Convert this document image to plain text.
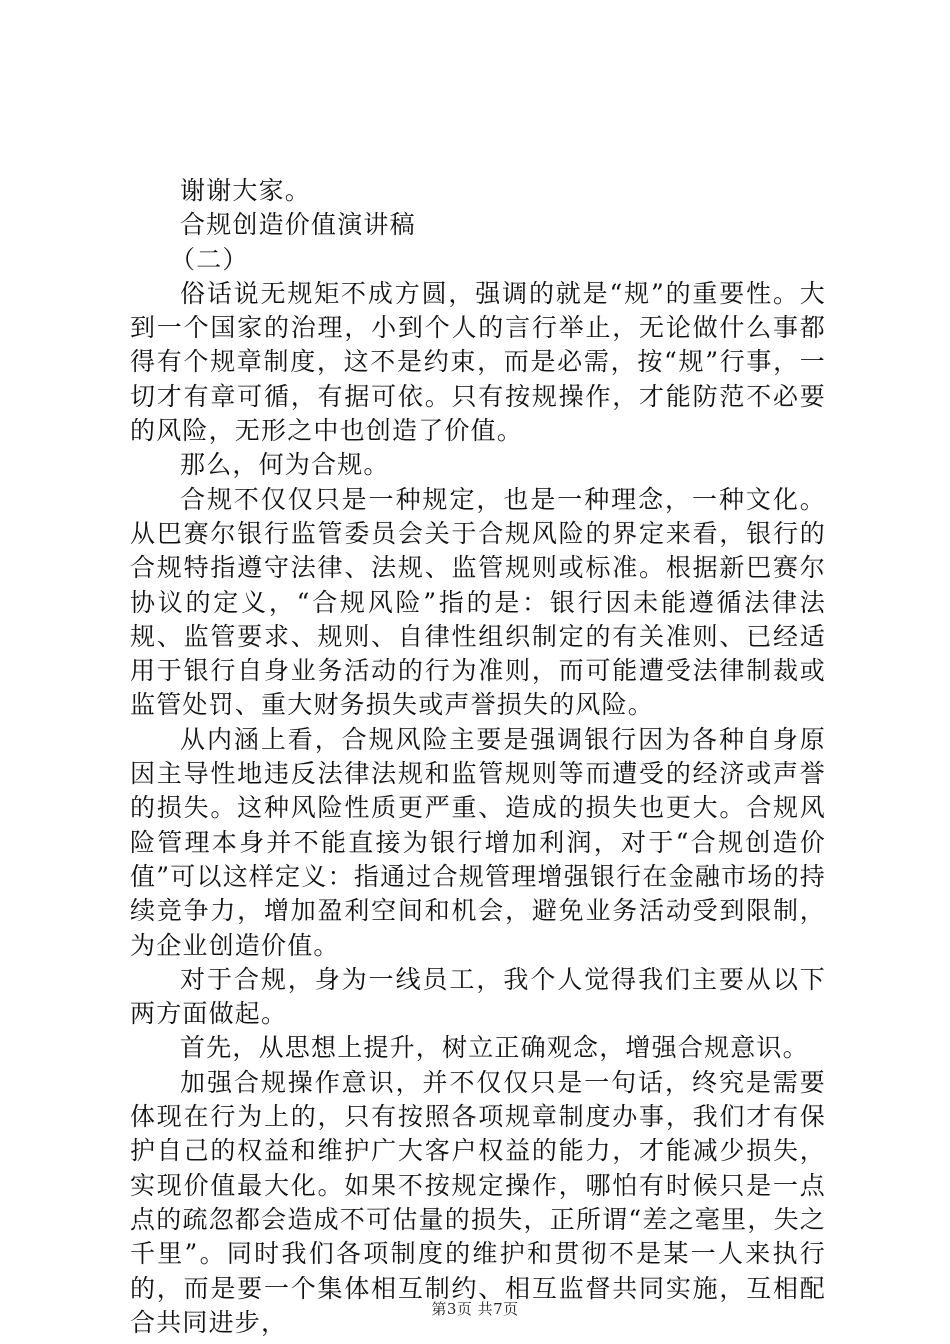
谢谢大家。

合规创造价值演讲稿

（二）

俗话说无规矩不成方圆，强调的就是“规”的重要性。大到一个国家的治理，小到个人的言行举止，无论做什么事都得有个规章制度，这不是约束，而是必需，按“规”行事，一切才有章可循，有据可依。只有按规操作，才能防范不必要的风险，无形之中也创造了价值。

那么，何为合规。

合规不仅仅只是一种规定，也是一种理念，一种文化。从巴赛尔银行监管委员会关于合规风险的界定来看，银行的合规特指遵守法律、法规、监管规则或标准。根据新巴赛尔协议的定义，“合规风险”指的是：银行因未能遵循法律法规、监管要求、规则、自律性组织制定的有关准则、已经适用于银行自身业务活动的行为准则，而可能遭受法律制裁或监管处罚、重大财务损失或声誉损失的风险。

从内涵上看，合规风险主要是强调银行因为各种自身原因主导性地违反法律法规和监管规则等而遭受的经济或声誉的损失。这种风险性质更严重、造成的损失也更大。合规风险管理本身并不能直接为银行增加利润，对于“合规创造价值”可以这样定义：指通过合规管理增强银行在金融市场的持续竞争力，增加盈利空间和机会，避免业务活动受到限制，为企业创造价值。

对于合规，身为一线员工，我个人觉得我们主要从以下两方面做起。

首先，从思想上提升，树立正确观念，增强合规意识。

加强合规操作意识，并不仅仅只是一句话，终究是需要体现在行为上的，只有按照各项规章制度办事，我们才有保护自己的权益和维护广大客户权益的能力，才能减少损失，实现价值最大化。如果不按规定操作，哪怕有时候只是一点点的疏忽都会造成不可估量的损失，正所谓“差之毫里，失之千里”。同时我们各项制度的维护和贯彻不是某一人来执行的，而是要一个集体相互制约、相互监督共同实施，互相配合共同进步，	第3页 共7页
